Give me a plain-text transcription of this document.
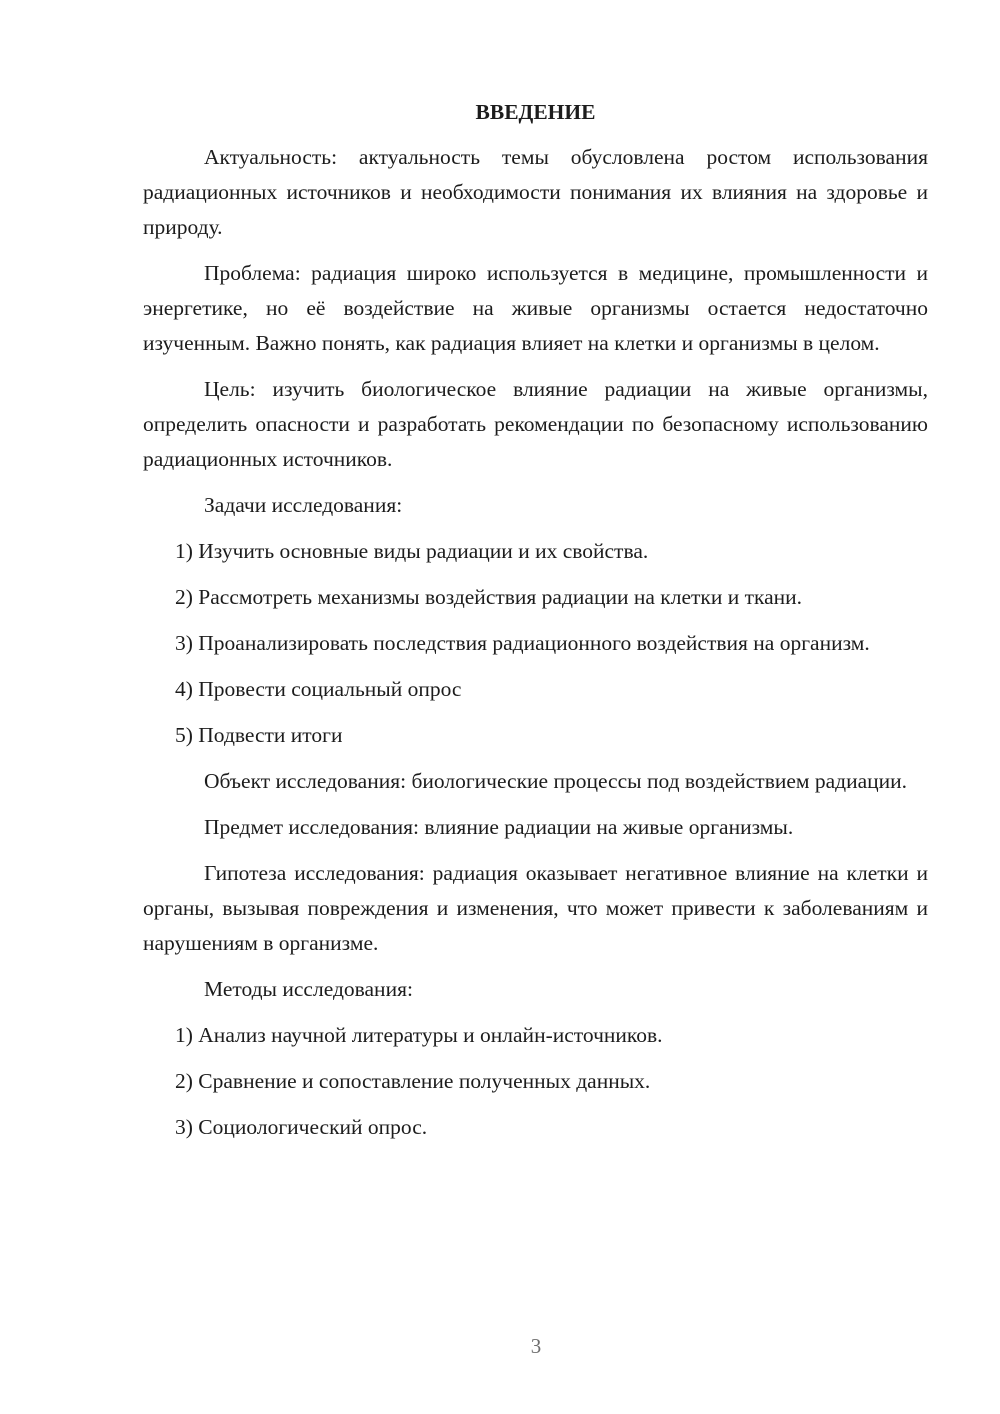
ВВЕДЕНИЕ

Актуальность: актуальность темы обусловлена ростом использования радиационных источников и необходимости понимания их влияния на здоровье и природу.

Проблема: радиация широко используется в медицине, промышленности и энергетике, но её воздействие на живые организмы остается недостаточно изученным. Важно понять, как радиация влияет на клетки и организмы в целом.

Цель: изучить биологическое влияние радиации на живые организмы, определить опасности и разработать рекомендации по безопасному использованию радиационных источников.

Задачи исследования:

1) Изучить основные виды радиации и их свойства.

2) Рассмотреть механизмы воздействия радиации на клетки и ткани.

3) Проанализировать последствия радиационного воздействия на организм.

4) Провести социальный опрос

5) Подвести итоги

Объект исследования: биологические процессы под воздействием радиации.

Предмет исследования: влияние радиации на живые организмы.

Гипотеза исследования: радиация оказывает негативное влияние на клетки и органы, вызывая повреждения и изменения, что может привести к заболеваниям и нарушениям в организме.

Методы исследования:

1) Анализ научной литературы и онлайн-источников.

2) Сравнение и сопоставление полученных данных.

3) Социологический опрос.

3
